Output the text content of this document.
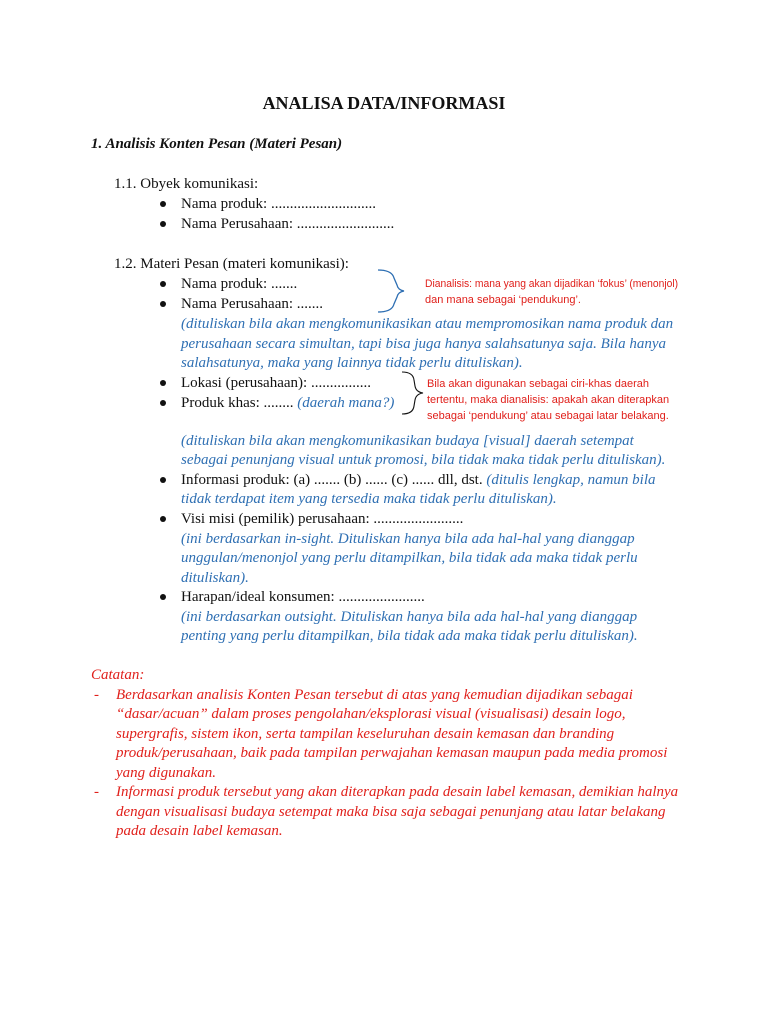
ANALISA DATA/INFORMASI
1. Analisis Konten Pesan (Materi Pesan)
1.1. Obyek komunikasi:
Nama produk: ............................
Nama Perusahaan: ..........................
1.2. Materi Pesan (materi komunikasi):
Nama produk: .......
Nama Perusahaan: .......
(dituliskan bila akan mengkomunikasikan atau mempromosikan nama produk dan
perusahaan secara simultan, tapi bisa juga hanya salahsatunya saja. Bila hanya
salahsatunya, maka yang lainnya tidak perlu dituliskan).
Lokasi (perusahaan): ................
Produk khas: ........ (daerah mana?)
(dituliskan bila akan mengkomunikasikan budaya [visual] daerah setempat
sebagai penunjang visual untuk promosi, bila tidak maka tidak perlu dituliskan).
Informasi produk: (a) ....... (b) ...... (c) ...... dll, dst. (ditulis lengkap, namun bila
tidak terdapat item yang tersedia maka tidak perlu dituliskan).
Visi misi (pemilik) perusahaan: ........................
(ini berdasarkan in-sight. Dituliskan hanya bila ada hal-hal yang dianggap
unggulan/menonjol yang perlu ditampilkan, bila tidak ada maka tidak perlu
dituliskan).
Harapan/ideal konsumen: .......................
(ini berdasarkan outsight. Dituliskan hanya bila ada hal-hal yang dianggap
penting yang perlu ditampilkan, bila tidak ada maka tidak perlu dituliskan).
Dianalisis: mana yang akan dijadikan ‘fokus’ (menonjol)
dan mana sebagai ‘pendukung’.
Bila akan digunakan sebagai ciri-khas daerah
tertentu, maka dianalisis: apakah akan diterapkan
sebagai ‘pendukung’ atau sebagai latar belakang.
Catatan:
- Berdasarkan analisis Konten Pesan tersebut di atas yang kemudian dijadikan sebagai
“dasar/acuan” dalam proses pengolahan/eksplorasi visual (visualisasi) desain logo,
supergrafis, sistem ikon, serta tampilan keseluruhan desain kemasan dan branding
produk/perusahaan, baik pada tampilan perwajahan kemasan maupun pada media promosi
yang digunakan.
- Informasi produk tersebut yang akan diterapkan pada desain label kemasan, demikian halnya
dengan visualisasi budaya setempat maka bisa saja sebagai penunjang atau latar belakang
pada desain label kemasan.
